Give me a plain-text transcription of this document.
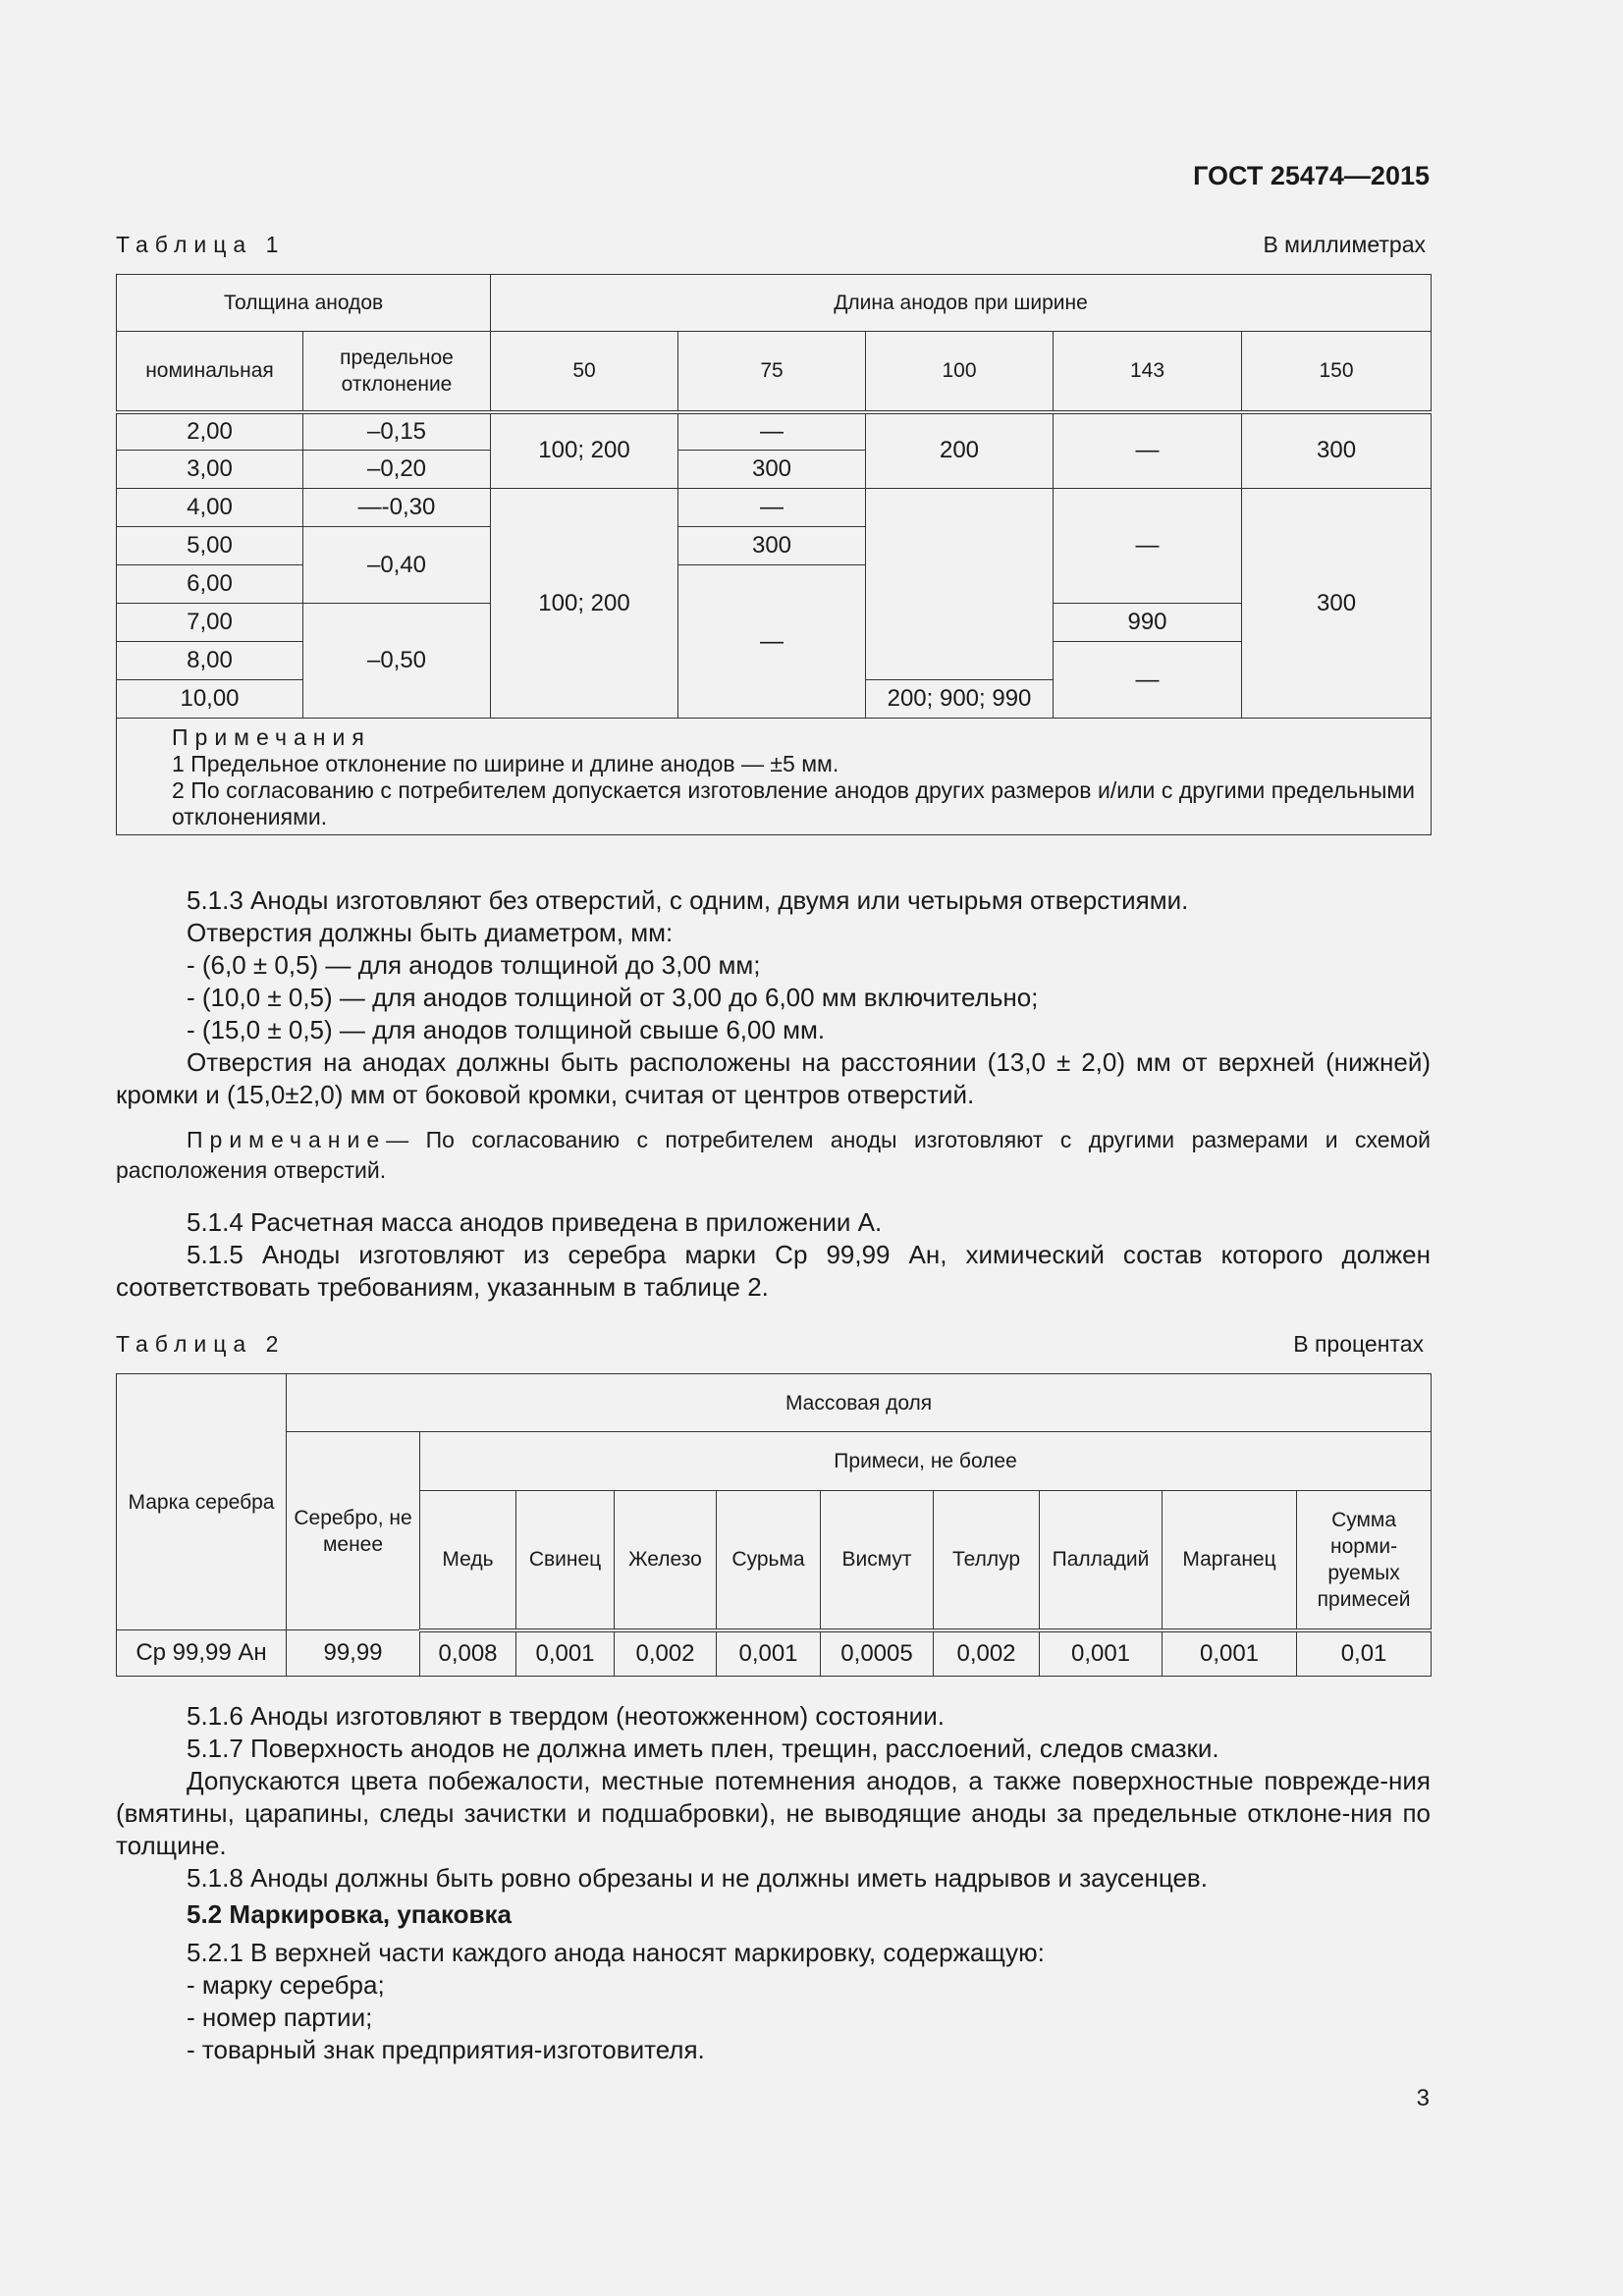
ГОСТ 25474—2015
Таблица 1	В миллиметрах
Толщина анодов		Длина анодов при ширине				
номинальная	предельное отклонение	50	75	100	143	150
2,00	–0,15	100; 200	—	200	—	300
3,00	–0,20		300			
4,00	—-0,30	100; 200	—		—	300
5,00	–0,40		300			
6,00			—			
7,00	–0,50				990	
8,00					—	
10,00				200; 900; 990		

Примечания
1 Предельное отклонение по ширине и длине анодов — ±5 мм.
2 По согласованию с потребителем допускается изготовление анодов других размеров и/или с другими предельными отклонениями.						

5.1.3 Аноды изготовляют без отверстий, с одним, двумя или четырьмя отверстиями.

Отверстия должны быть диаметром, мм:

- (6,0 ± 0,5) — для анодов толщиной до 3,00 мм;

- (10,0 ± 0,5) — для анодов толщиной от 3,00 до 6,00 мм включительно;

- (15,0 ± 0,5) — для анодов толщиной свыше 6,00 мм.

Отверстия на анодах должны быть расположены на расстоянии (13,0 ± 2,0) мм от верхней (нижней) кромки и (15,0±2,0) мм от боковой кромки, считая от центров отверстий.

Примечание— По согласованию с потребителем аноды изготовляют с другими размерами и схемой расположения отверстий.

5.1.4 Расчетная масса анодов приведена в приложении А.

5.1.5 Аноды изготовляют из серебра марки Ср 99,99 Ан, химический состав которого должен соответствовать требованиям, указанным в таблице 2.

Таблица 2	В процентах
Марка серебра	Массовая доля									
	Серебро, не менее	Примеси, не более								
		Медь	Свинец	Железо	Сурьма	Висмут	Теллур	Палладий	Марганец	Сумма норми-руемых примесей
Ср 99,99 Ан	99,99	0,008	0,001	0,002	0,001	0,0005	0,002	0,001	0,001	0,01

5.1.6 Аноды изготовляют в твердом (неотожженном) состоянии.

5.1.7 Поверхность анодов не должна иметь плен, трещин, расслоений, следов смазки.

Допускаются цвета побежалости, местные потемнения анодов, а также поверхностные поврежде-ния (вмятины, царапины, следы зачистки и подшабровки), не выводящие аноды за предельные отклоне-ния по толщине.

5.1.8 Аноды должны быть ровно обрезаны и не должны иметь надрывов и заусенцев.

5.2 Маркировка, упаковка

5.2.1 В верхней части каждого анода наносят маркировку, содержащую:

- марку серебра;

- номер партии;

- товарный знак предприятия-изготовителя.

3
